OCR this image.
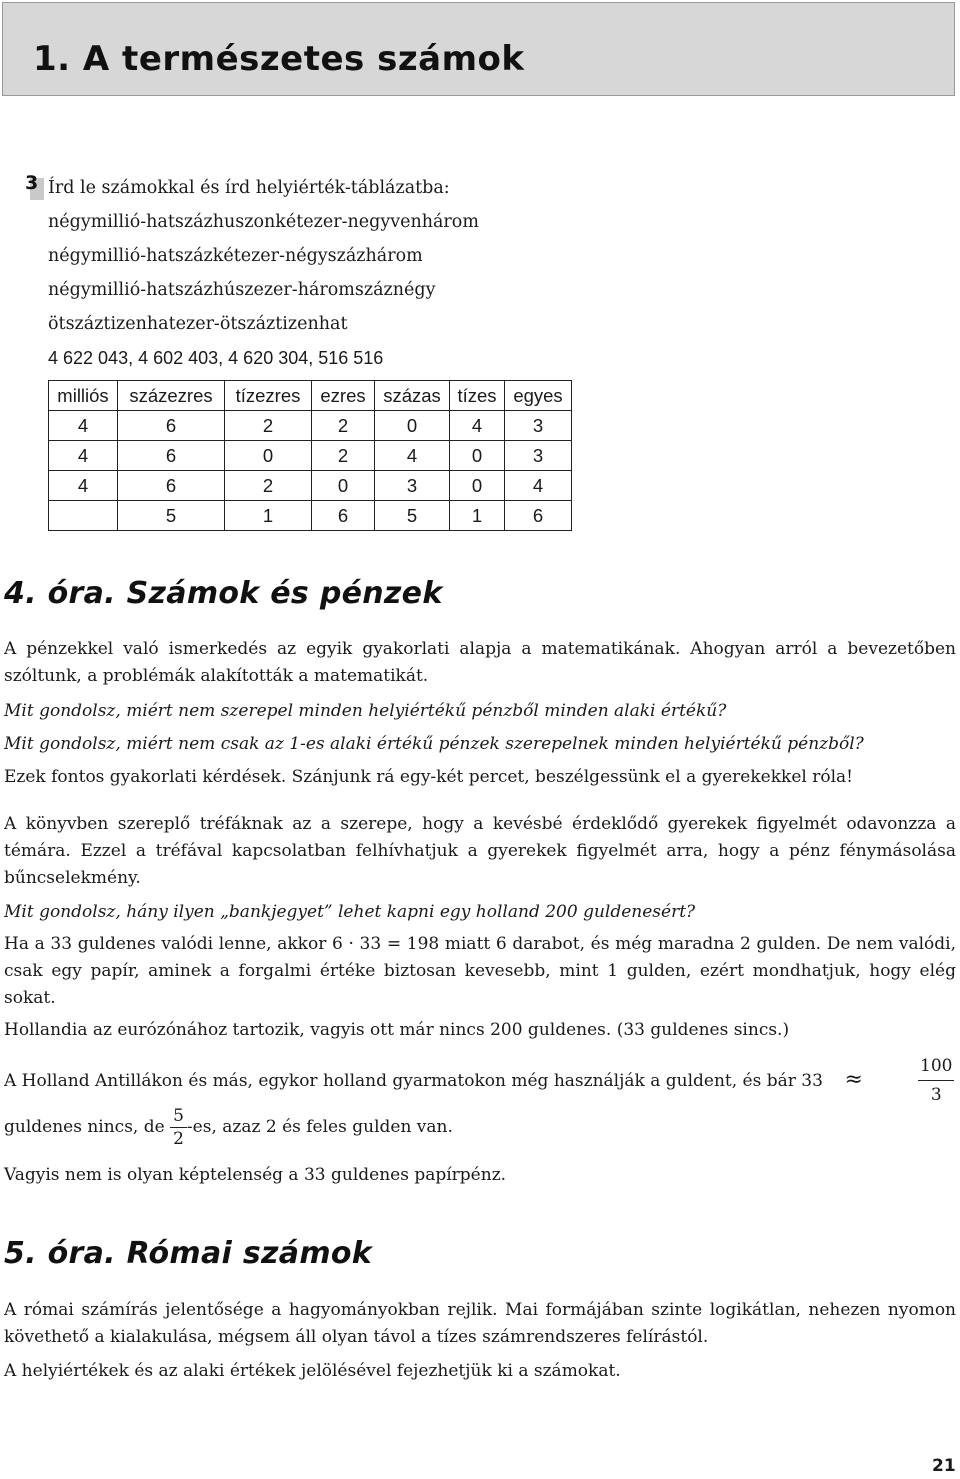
1. A természetes számok

3 Írd le számokkal és írd helyiérték-táblázatba:

négymillió-hatszázhuszonkétezer-negyvenhárom

négymillió-hatszázkétezer-négyszázhárom

négymillió-hatszázhúszezer-háromszáznégy

ötszáztizenhatezer-ötszáztizenhat

4 622 043, 4 602 403, 4 620 304, 516 516

milliós	százezres	tízezres	ezres	százas	tízes	egyes
4	6	2	2	0	4	3
4	6	0	2	4	0	3
4	6	2	0	3	0	4
	5	1	6	5	1	6
4. óra. Számok és pénzek

A pénzekkel való ismerkedés az egyik gyakorlati alapja a matematikának. Ahogyan arról a bevezetőben szóltunk, a problémák alakították a matematikát.

Mit gondolsz, miért nem szerepel minden helyiértékű pénzből minden alaki értékű?

Mit gondolsz, miért nem csak az 1-es alaki értékű pénzek szerepelnek minden helyiértékű pénzből?

Ezek fontos gyakorlati kérdések. Szánjunk rá egy-két percet, beszélgessünk el a gyerekekkel róla!

A könyvben szereplő tréfáknak az a szerepe, hogy a kevésbé érdeklődő gyerekek figyelmét odavonzza a témára. Ezzel a tréfával kapcsolatban felhívhatjuk a gyerekek figyelmét arra, hogy a pénz fénymásolása bűncselekmény.

Mit gondolsz, hány ilyen „bankjegyet” lehet kapni egy holland 200 guldenesért?

Ha a 33 guldenes valódi lenne, akkor 6 · 33 = 198 miatt 6 darabot, és még maradna 2 gulden. De nem valódi, csak egy papír, aminek a forgalmi értéke biztosan kevesebb, mint 1 gulden, ezért mondhatjuk, hogy elég sokat.

Hollandia az eurózónához tartozik, vagyis ott már nincs 200 guldenes. (33 guldenes sincs.)

A Holland Antillákon és más, egykor holland gyarmatokon még használják a guldent, és bár 33 ≈	$\frac{100}{3}$

guldenes nincs, de $\frac{5}{2} -es$, azaz 2 és feles gulden van.

Vagyis nem is olyan képtelenség a 33 guldenes papírpénz.

5. óra. Római számok

A római számírás jelentősége a hagyományokban rejlik. Mai formájában szinte logikátlan, nehezen nyomon követhető a kialakulása, mégsem áll olyan távol a tízes számrendszeres felírástól.

A helyiértékek és az alaki értékek jelölésével fejezhetjük ki a számokat.

21
